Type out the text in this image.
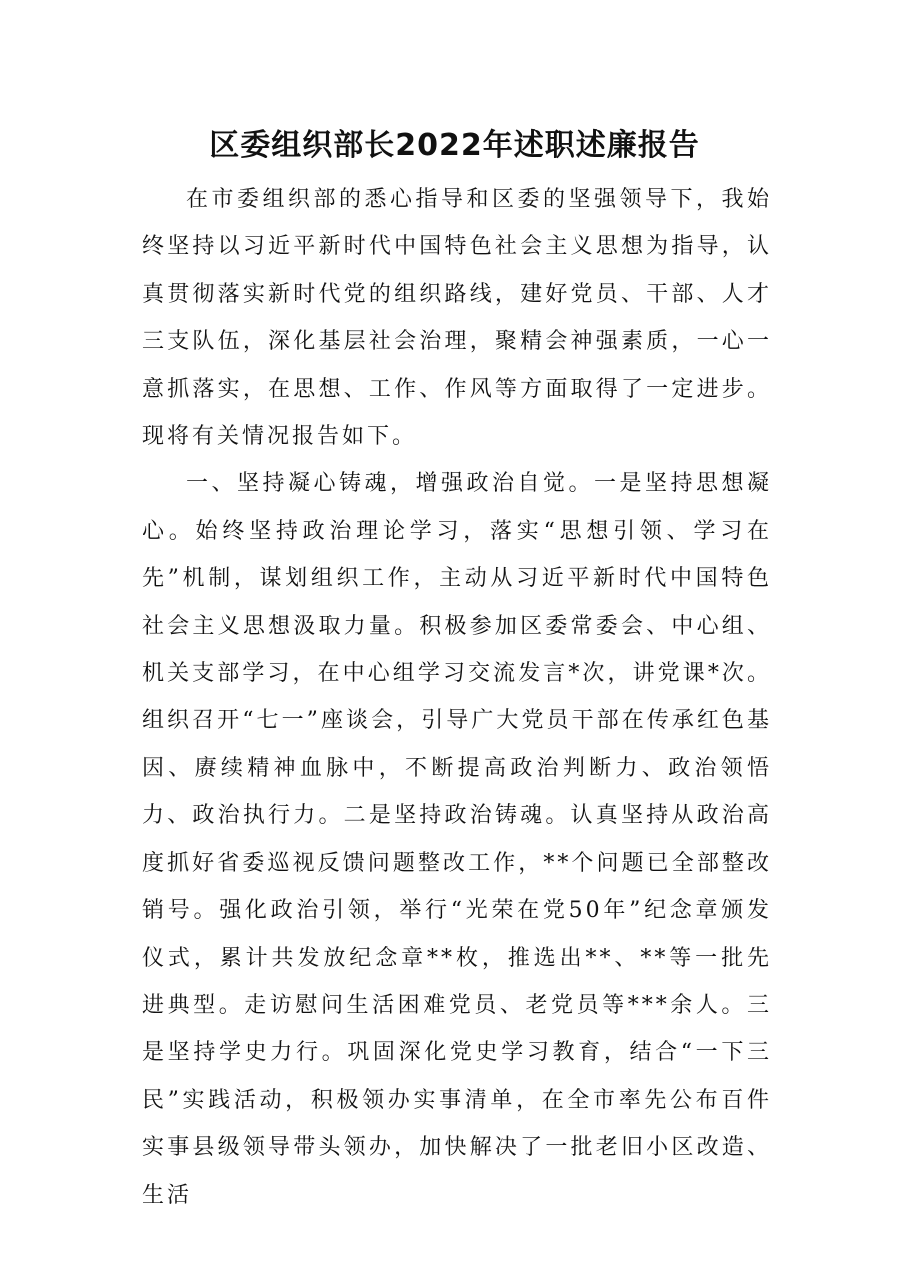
区委组织部长2022年述职述廉报告

在市委组织部的悉心指导和区委的坚强领导下，我始终坚持以习近平新时代中国特色社会主义思想为指导，认真贯彻落实新时代党的组织路线，建好党员、干部、人才三支队伍，深化基层社会治理，聚精会神强素质，一心一意抓落实，在思想、工作、作风等方面取得了一定进步。现将有关情况报告如下。

一、坚持凝心铸魂，增强政治自觉。一是坚持思想凝心。始终坚持政治理论学习，落实“思想引领、学习在先”机制，谋划组织工作，主动从习近平新时代中国特色社会主义思想汲取力量。积极参加区委常委会、中心组、机关支部学习，在中心组学习交流发言*次，讲党课*次。组织召开“七一”座谈会，引导广大党员干部在传承红色基因、赓续精神血脉中，不断提高政治判断力、政治领悟力、政治执行力。二是坚持政治铸魂。认真坚持从政治高度抓好省委巡视反馈问题整改工作，**个问题已全部整改销号。强化政治引领，举行“光荣在党50年”纪念章颁发仪式，累计共发放纪念章**枚，推选出**、**等一批先进典型。走访慰问生活困难党员、老党员等***余人。三是坚持学史力行。巩固深化党史学习教育，结合“一下三民”实践活动，积极领办实事清单，在全市率先公布百件实事县级领导带头领办，加快解决了一批老旧小区改造、生活
